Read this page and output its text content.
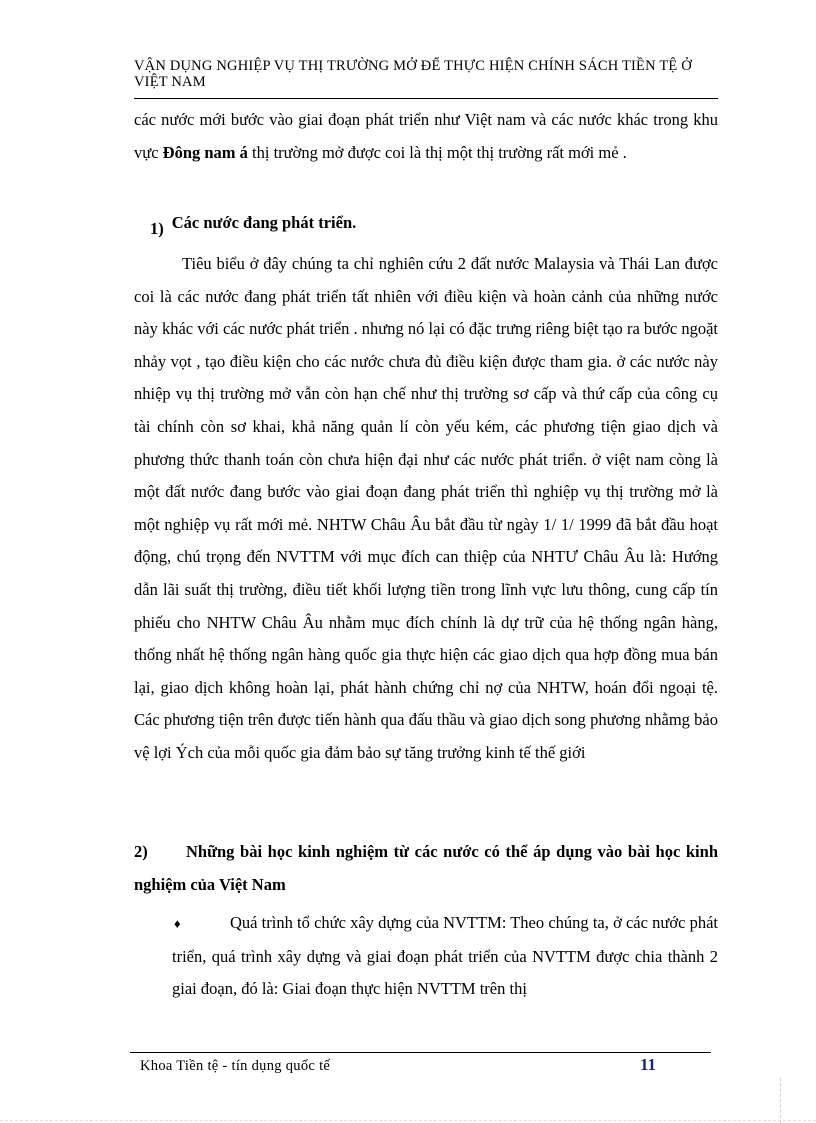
VẬN DỤNG NGHIỆP VỤ THỊ TRƯỜNG MỞ ĐỂ THỰC HIỆN CHÍNH SÁCH TIỀN TỆ Ở VIỆT NAM
các nước mới bước vào giai đoạn phát triển như Việt nam và các nước khác trong khu vực Đông nam á thị trường mở được coi là thị một thị trường rất mới mẻ .
1) Các nước đang phát triển.
Tiêu biểu ở đây chúng ta chỉ nghiên cứu 2 đất nước Malaysia và Thái Lan được coi là các nước đang phát triển tất nhiên với điều kiện và hoàn cảnh của những nước này khác với các nước phát triển . nhưng nó lại có đặc trưng riêng biệt tạo ra bước ngoặt nhảy vọt , tạo điều kiện cho các nước chưa đủ điều kiện được tham gia. ở các nước này nhiệp vụ thị trường mở vẫn còn hạn chế như thị trường sơ cấp và thứ cấp của công cụ tài chính còn sơ khai, khả năng quản lí còn yếu kém, các phương tiện giao dịch và phương thức thanh toán còn chưa hiện đại như các nước phát triển. ở việt nam còng là một đất nước đang bước vào giai đoạn đang phát triển thì nghiệp vụ thị trường mở là một nghiệp vụ rất mới mẻ. NHTW Châu Âu bắt đầu từ ngày 1/ 1/ 1999 đã bắt đầu hoạt động, chú trọng đến NVTTM với mục đích can thiệp của NHTƯ Châu Âu là: Hướng dẫn lãi suất thị trường, điều tiết khối lượng tiền trong lĩnh vực lưu thông, cung cấp tín phiếu cho NHTW Châu Âu nhằm mục đích chính là dự trữ của hệ thống ngân hàng, thống nhất hệ thống ngân hàng quốc gia thực hiện các giao dịch qua hợp đồng mua bán lại, giao dịch không hoàn lại, phát hành chứng chỉ nợ của NHTW, hoán đổi ngoại tệ. Các phương tiện trên được tiến hành qua đấu thầu và giao dịch song phương nhằmg bảo vệ lợi Ých của mỗi quốc gia đảm bảo sự tăng trưởng kinh tế thế giới
2) Những bài học kinh nghiệm từ các nước có thể áp dụng vào bài học kinh nghiệm của Việt Nam
♦	Quá trình tổ chức xây dựng của NVTTM: Theo chúng ta, ở các nước phát triển, quá trình xây dựng và giai đoạn phát triển của NVTTM được chia thành 2 giai đoạn, đó là: Giai đoạn thực hiện NVTTM trên thị
Khoa Tiền tệ - tín dụng quốc tế	11
